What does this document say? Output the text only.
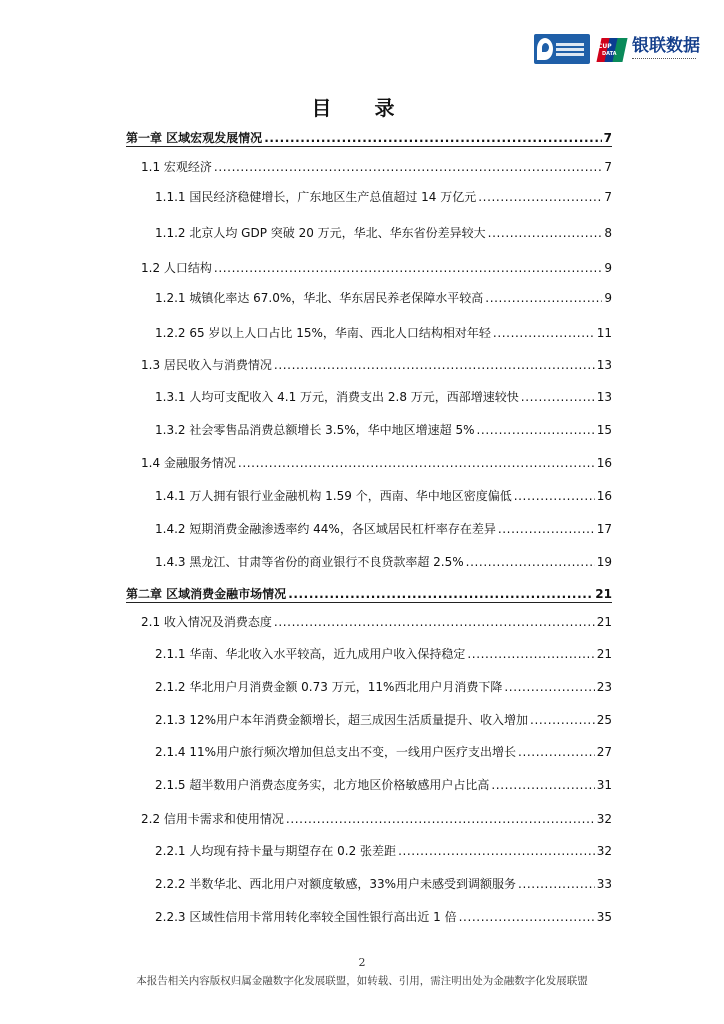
CUP
DATA 银联数据
目 录
第一章 区域宏观发展情况 .....	7
1.1 宏观经济 .....	7
1.1.1 国民经济稳健增长，广东地区生产总值超过 14 万亿元 .....	7
1.1.2 北京人均 GDP 突破 20 万元，华北、华东省份差异较大 .....	8
1.2 人口结构 .....	9
1.2.1 城镇化率达 67.0%，华北、华东居民养老保障水平较高 .....	9
1.2.2 65 岁以上人口占比 15%，华南、西北人口结构相对年轻 .....	11
1.3 居民收入与消费情况 .....	13
1.3.1 人均可支配收入 4.1 万元，消费支出 2.8 万元，西部增速较快 .....	13
1.3.2 社会零售品消费总额增长 3.5%，华中地区增速超 5% .....	15
1.4 金融服务情况 .....	16
1.4.1 万人拥有银行业金融机构 1.59 个，西南、华中地区密度偏低 .....	16
1.4.2 短期消费金融渗透率约 44%，各区域居民杠杆率存在差异 .....	17
1.4.3 黑龙江、甘肃等省份的商业银行不良贷款率超 2.5% .....	19
第二章 区域消费金融市场情况 .....	21
2.1 收入情况及消费态度 .....	21
2.1.1 华南、华北收入水平较高，近九成用户收入保持稳定 .....	21
2.1.2 华北用户月消费金额 0.73 万元，11%西北用户月消费下降 .....	23
2.1.3 12%用户本年消费金额增长，超三成因生活质量提升、收入增加 .....	25
2.1.4 11%用户旅行频次增加但总支出不变，一线用户医疗支出增长 .....	27
2.1.5 超半数用户消费态度务实，北方地区价格敏感用户占比高 .....	31
2.2 信用卡需求和使用情况 .....	32
2.2.1 人均现有持卡量与期望存在 0.2 张差距 .....	32
2.2.2 半数华北、西北用户对额度敏感，33%用户未感受到调额服务 .....	33
2.2.3 区域性信用卡常用转化率较全国性银行高出近 1 倍 .....	35
2
本报告相关内容版权归属金融数字化发展联盟，如转载、引用，需注明出处为金融数字化发展联盟
